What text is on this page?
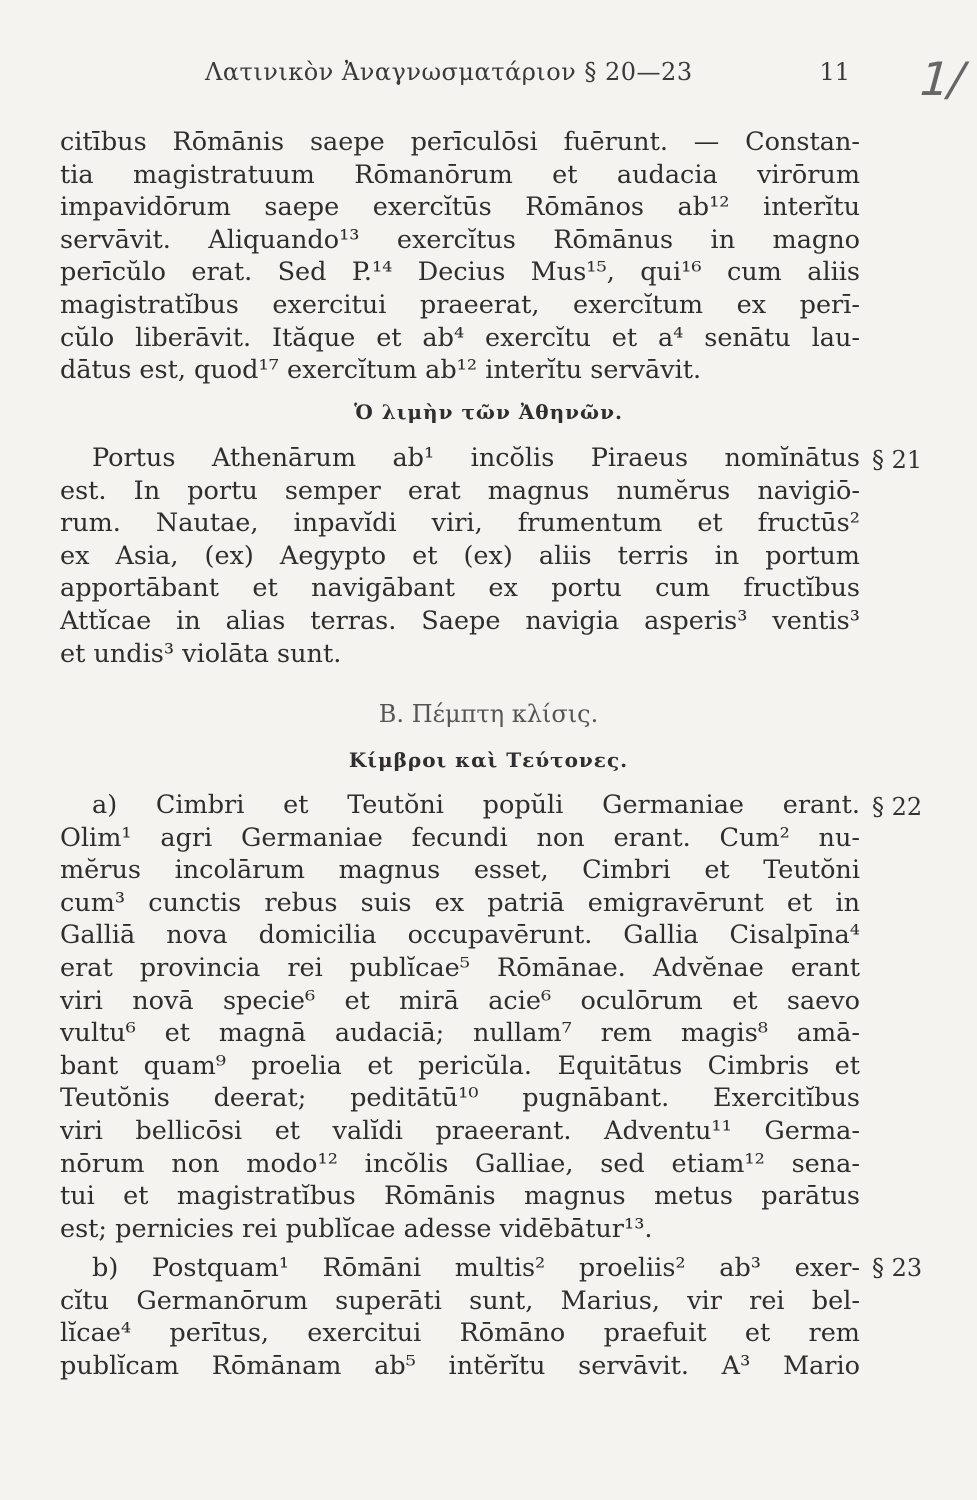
Λατινικὸν Ἀναγνωσματάριον § 20—23	11 1/
citībus Rōmānis saepe perīculōsi fuērunt. — Constan-
tia magistratuum Rōmanōrum et audacia virōrum
impavidōrum saepe exercĭtūs Rōmānos ab¹² interĭtu
servāvit. Aliquando¹³ exercĭtus Rōmānus in magno
perīcŭlo erat. Sed P.¹⁴ Decius Mus¹⁵, qui¹⁶ cum aliis
magistratĭbus exercitui praeerat, exercĭtum ex perī-
cŭlo liberāvit. Ităque et ab⁴ exercĭtu et a⁴ senātu lau-
dātus est, quod¹⁷ exercĭtum ab¹² interĭtu servāvit.
Ὁ λιμὴν τῶν Ἀθηνῶν.
§ 21
Portus Athenārum ab¹ incŏlis Piraeus nomĭnātus
est. In portu semper erat magnus numĕrus navigiō-
rum. Nautae, inpavĭdi viri, frumentum et fructūs²
ex Asia, (ex) Aegypto et (ex) aliis terris in portum
apportābant et navigābant ex portu cum fructĭbus
Attĭcae in alias terras. Saepe navigia asperis³ ventis³
et undis³ violāta sunt.
B. Πέμπτη κλίσις.
Κίμβροι καὶ Τεύτονες.
§ 22
a) Cimbri et Teutŏni popŭli Germaniae erant.
Olim¹ agri Germaniae fecundi non erant. Cum² nu-
mĕrus incolārum magnus esset, Cimbri et Teutŏni
cum³ cunctis rebus suis ex patriā emigravērunt et in
Galliā nova domicilia occupavērunt. Gallia Cisalpīna⁴
erat provincia rei publĭcae⁵ Rōmānae. Advĕnae erant
viri novā specie⁶ et mirā acie⁶ oculōrum et saevo
vultu⁶ et magnā audaciā; nullam⁷ rem magis⁸ amā-
bant quam⁹ proelia et pericŭla. Equitātus Cimbris et
Teutŏnis deerat; peditātū¹⁰ pugnābant. Exercitĭbus
viri bellicōsi et valĭdi praeerant. Adventu¹¹ Germa-
nōrum non modo¹² incŏlis Galliae, sed etiam¹² sena-
tui et magistratĭbus Rōmānis magnus metus parātus
est; pernicies rei publĭcae adesse vidēbātur¹³.
§ 23
b) Postquam¹ Rōmāni multis² proeliis² ab³ exer-
cĭtu Germanōrum superāti sunt, Marius, vir rei bel-
lĭcae⁴ perītus, exercitui Rōmāno praefuit et rem
publĭcam Rōmānam ab⁵ intĕrĭtu servāvit. A³ Mario
